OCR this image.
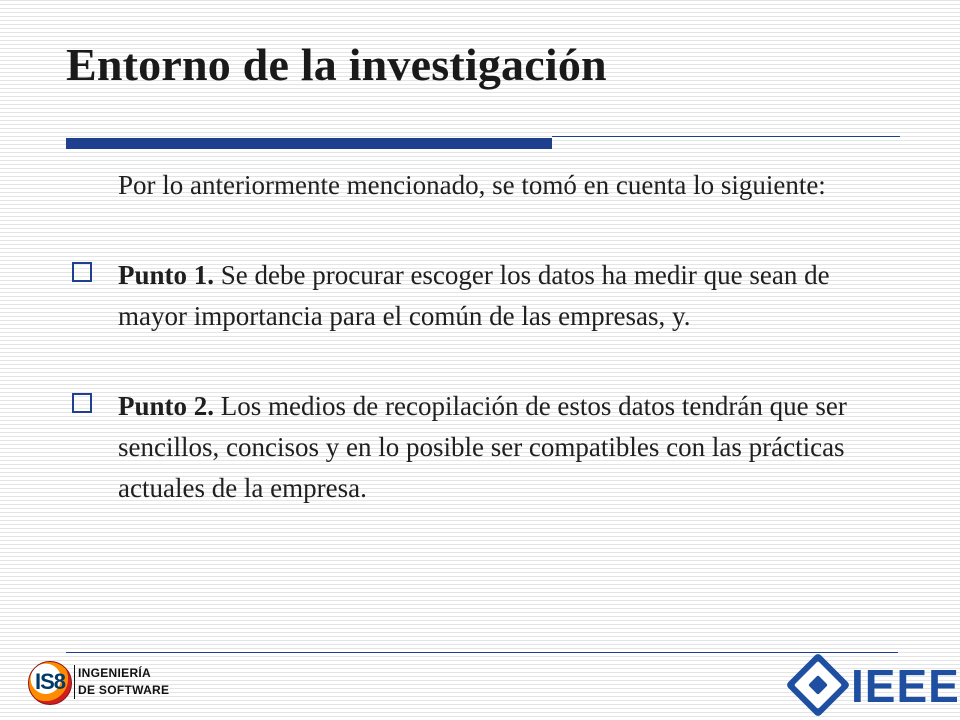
Entorno de la investigación

Por lo anteriormente mencionado, se tomó en cuenta lo siguiente:

Punto 1. Se debe procurar escoger los datos ha medir que sean de mayor importancia para el común de las empresas, y.

Punto 2. Los medios de recopilación de estos datos tendrán que ser sencillos, concisos y en lo posible ser compatibles con las prácticas actuales de la empresa.

IS8 INGENIERÍA
DE SOFTWARE	IEEE
